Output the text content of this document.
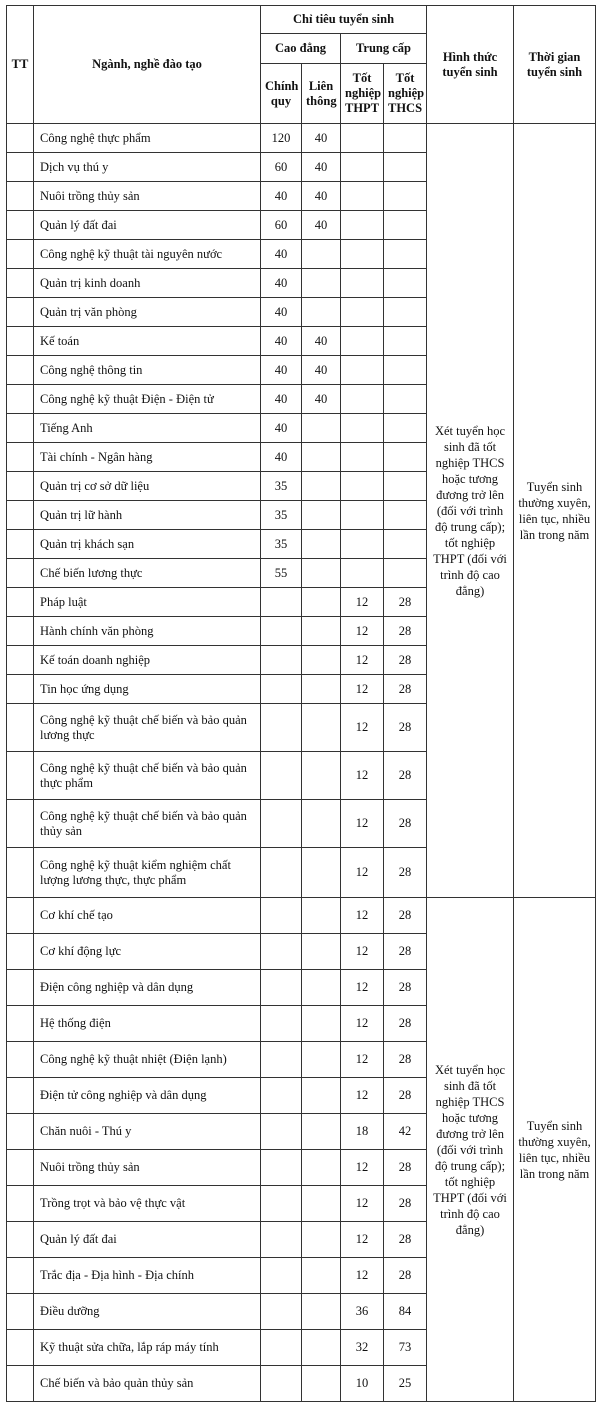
TT	Ngành, nghề đào tạo	Chỉ tiêu tuyển sinh				Hình thức tuyển sinh	Thời gian tuyển sinh
		Cao đẳng		Trung cấp			
		Chính quy	Liên thông	Tốt nghiệp THPT	Tốt nghiệp THCS		
	Công nghệ thực phẩm	120	40			Xét tuyển học sinh đã tốt nghiệp THCS hoặc tương đương trở lên (đối với trình độ trung cấp); tốt nghiệp THPT (đối với trình độ cao đẳng)	Tuyển sinh thường xuyên, liên tục, nhiều lần trong năm
	Dịch vụ thú y	60	40				
	Nuôi trồng thủy sản	40	40				
	Quản lý đất đai	60	40				
	Công nghệ kỹ thuật tài nguyên nước	40					
	Quản trị kinh doanh	40					
	Quản trị văn phòng	40					
	Kế toán	40	40				
	Công nghệ thông tin	40	40				
	Công nghệ kỹ thuật Điện - Điện tử	40	40				
	Tiếng Anh	40					
	Tài chính - Ngân hàng	40					
	Quản trị cơ sở dữ liệu	35					
	Quản trị lữ hành	35					
	Quản trị khách sạn	35					
	Chế biến lương thực	55					
	Pháp luật			12	28		
	Hành chính văn phòng			12	28		
	Kế toán doanh nghiệp			12	28		
	Tin học ứng dụng			12	28		
	Công nghệ kỹ thuật chế biến và bảo quản lương thực			12	28		
	Công nghệ kỹ thuật chế biến và bảo quản thực phẩm			12	28		
	Công nghệ kỹ thuật chế biến và bảo quản thủy sản			12	28		
	Công nghệ kỹ thuật kiểm nghiệm chất lượng lương thực, thực phẩm			12	28		
	Cơ khí chế tạo			12	28	Xét tuyển học sinh đã tốt nghiệp THCS hoặc tương đương trở lên (đối với trình độ trung cấp); tốt nghiệp THPT (đối với trình độ cao đẳng)	Tuyển sinh thường xuyên, liên tục, nhiều lần trong năm
	Cơ khí động lực			12	28		
	Điện công nghiệp và dân dụng			12	28		
	Hệ thống điện			12	28		
	Công nghệ kỹ thuật nhiệt (Điện lạnh)			12	28		
	Điện tử công nghiệp và dân dụng			12	28		
	Chăn nuôi - Thú y			18	42		
	Nuôi trồng thủy sản			12	28		
	Trồng trọt và bảo vệ thực vật			12	28		
	Quản lý đất đai			12	28		
	Trắc địa - Địa hình - Địa chính			12	28		
	Điều dưỡng			36	84		
	Kỹ thuật sửa chữa, lắp ráp máy tính			32	73		
	Chế biến và bảo quản thủy sản			10	25		
